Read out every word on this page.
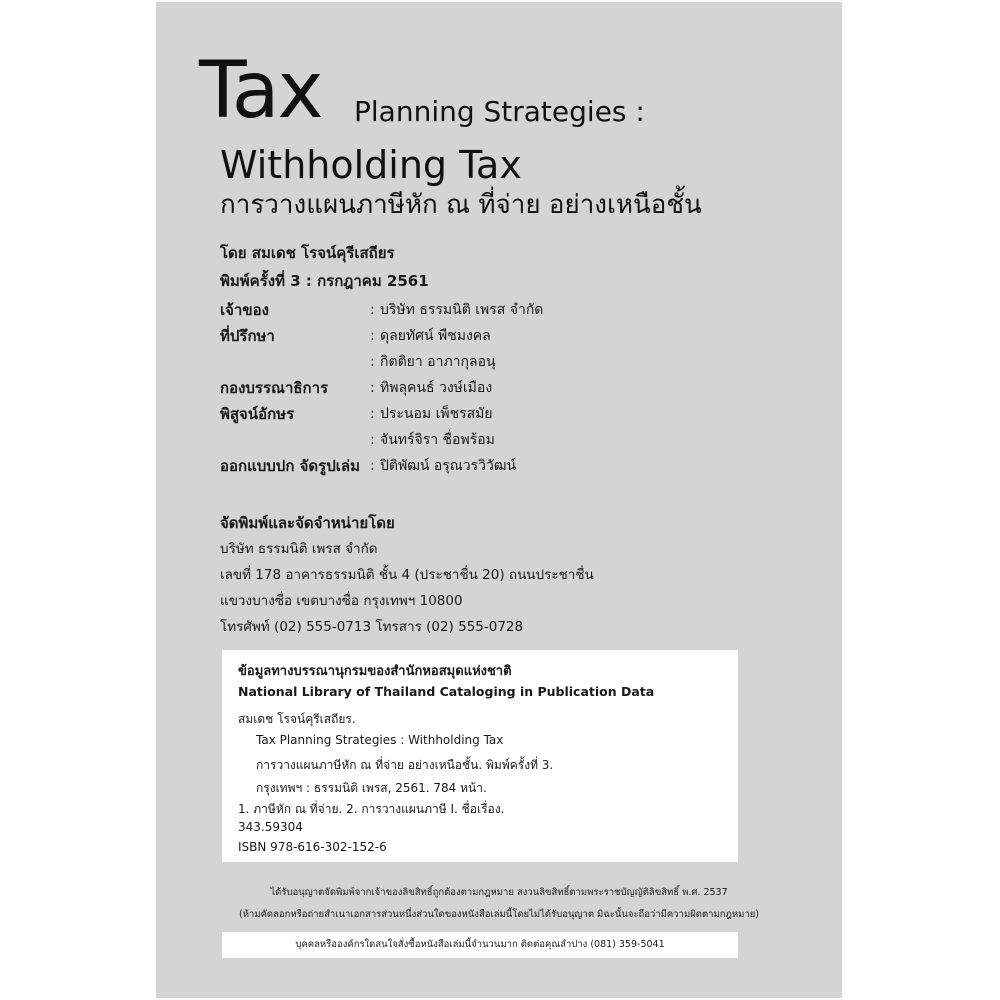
Tax Planning Strategies :
Withholding Tax
การวางแผนภาษีหัก ณ ที่จ่าย อย่างเหนือชั้น
โดย สมเดช โรจน์คุรีเสถียร
พิมพ์ครั้งที่ 3 : กรกฎาคม 2561
เจ้าของ	: บริษัท ธรรมนิติ เพรส จำกัด
ที่ปรึกษา	: ดุลยทัศน์ พืชมงคล
: กิตติยา อาภากุลอนุ
กองบรรณาธิการ	: ทิพลุคนธ์ วงษ์เมือง
พิสูจน์อักษร	: ประนอม เพ็ชรสมัย
: จันทร์จิรา ชื่อพร้อม
ออกแบบปก จัดรูปเล่ม : ปิติพัฒน์ อรุณวรวิวัฒน์
จัดพิมพ์และจัดจำหน่ายโดย
บริษัท ธรรมนิติ เพรส จำกัด
เลขที่ 178 อาคารธรรมนิติ ชั้น 4 (ประชาชื่น 20) ถนนประชาชื่น
แขวงบางซื่อ เขตบางซื่อ กรุงเทพฯ 10800
โทรศัพท์ (02) 555-0713 โทรสาร (02) 555-0728
ข้อมูลทางบรรณานุกรมของสำนักหอสมุดแห่งชาติ
National Library of Thailand Cataloging in Publication Data
สมเดช โรจน์คุรีเสถียร.
Tax Planning Strategies : Withholding Tax
การวางแผนภาษีหัก ณ ที่จ่าย อย่างเหนือชั้น. พิมพ์ครั้งที่ 3.
กรุงเทพฯ : ธรรมนิติ เพรส, 2561. 784 หน้า.
1. ภาษีหัก ณ ที่จ่าย. 2. การวางแผนภาษี I. ชื่อเรื่อง.
343.59304
ISBN 978-616-302-152-6
ได้รับอนุญาตจัดพิมพ์จากเจ้าของลิขสิทธิ์ถูกต้องตามกฎหมาย สงวนลิขสิทธิ์ตามพระราชบัญญัติลิขสิทธิ์ พ.ศ. 2537
(ห้ามคัดลอกหรือถ่ายสำเนาเอกสารส่วนหนึ่งส่วนใดของหนังสือเล่มนี้โดยไม่ได้รับอนุญาต มิฉะนั้นจะถือว่ามีความผิดตามกฎหมาย)
บุคคลหรือองค์กรใดสนใจสั่งซื้อหนังสือเล่มนี้จำนวนมาก ติดต่อคุณลำปาง (081) 359-5041
